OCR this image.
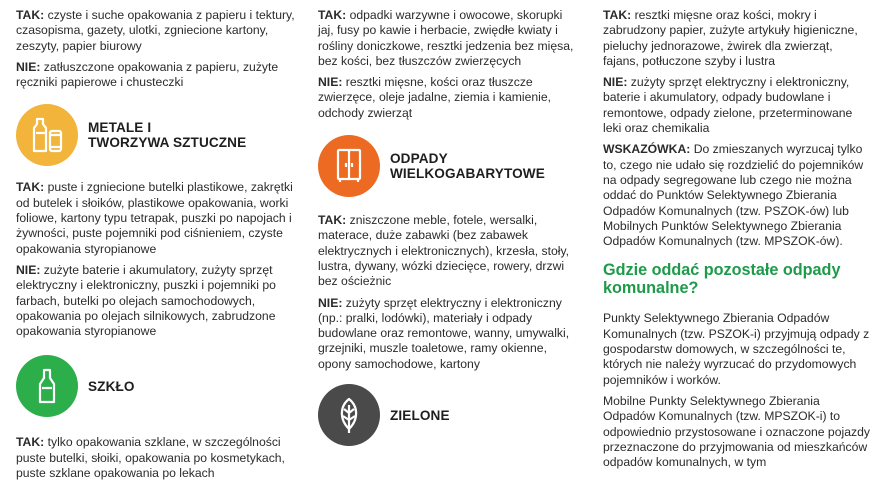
TAK: czyste i suche opakowania z papieru i tektury, czasopisma, gazety, ulotki, zgniecione kartony, zeszyty, papier biurowy

NIE: zatłuszczone opakowania z papieru, zużyte ręczniki papierowe i chusteczki

METALE I
TWORZYWA SZTUCZNE

TAK: puste i zgniecione butelki plastikowe, zakrętki od butelek i słoików, plastikowe opakowania, worki foliowe, kartony typu tetrapak, puszki po napojach i żywności, puste pojemniki pod ciśnieniem, czyste opakowania styropianowe

NIE: zużyte baterie i akumulatory, zużyty sprzęt elektryczny i elektroniczny, puszki i pojemniki po farbach, butelki po olejach samochodowych, opakowania po olejach silnikowych, zabrudzone opakowania styropianowe

SZKŁO

TAK: tylko opakowania szklane, w szczególności puste butelki, słoiki, opakowania po kosmetykach, puste szklane opakowania po lekach

TAK: odpadki warzywne i owocowe, skorupki jaj, fusy po kawie i herbacie, zwiędłe kwiaty i rośliny doniczkowe, resztki jedzenia bez mięsa, bez kości, bez tłuszczów zwierzęcych

NIE: resztki mięsne, kości oraz tłuszcze zwierzęce, oleje jadalne, ziemia i kamienie, odchody zwierząt

ODPADY
WIELKOGABARYTOWE

TAK: zniszczone meble, fotele, wersalki, materace, duże zabawki (bez zabawek elektrycznych i elektronicznych), krzesła, stoły, lustra, dywany, wózki dziecięce, rowery, drzwi bez ościeżnic

NIE: zużyty sprzęt elektryczny i elektroniczny (np.: pralki, lodówki), materiały i odpady budowlane oraz remontowe, wanny, umywalki, grzejniki, muszle toaletowe, ramy okienne, opony samochodowe, kartony

ZIELONE

TAK: resztki mięsne oraz kości, mokry i zabrudzony papier, zużyte artykuły higieniczne, pieluchy jednorazowe, żwirek dla zwierząt, fajans, potłuczone szyby i lustra

NIE: zużyty sprzęt elektryczny i elektroniczny, baterie i akumulatory, odpady budowlane i remontowe, odpady zielone, przeterminowane leki oraz chemikalia

WSKAZÓWKA: Do zmieszanych wyrzucaj tylko to, czego nie udało się rozdzielić do pojemników na odpady segregowane lub czego nie można oddać do Punktów Selektywnego Zbierania Odpadów Komunalnych (tzw. PSZOK-ów) lub Mobilnych Punktów Selektywnego Zbierania Odpadów Komunalnych (tzw. MPSZOK-ów).

Gdzie oddać pozostałe odpady komunalne?

Punkty Selektywnego Zbierania Odpadów Komunalnych (tzw. PSZOK-i) przyjmują odpady z gospodarstw domowych, w szczególności te, których nie należy wyrzucać do przydomowych pojemników i worków.

Mobilne Punkty Selektywnego Zbierania Odpadów Komunalnych (tzw. MPSZOK-i) to odpowiednio przystosowane i oznaczone pojazdy przeznaczone do przyjmowania od mieszkańców odpadów komunalnych, w tym
